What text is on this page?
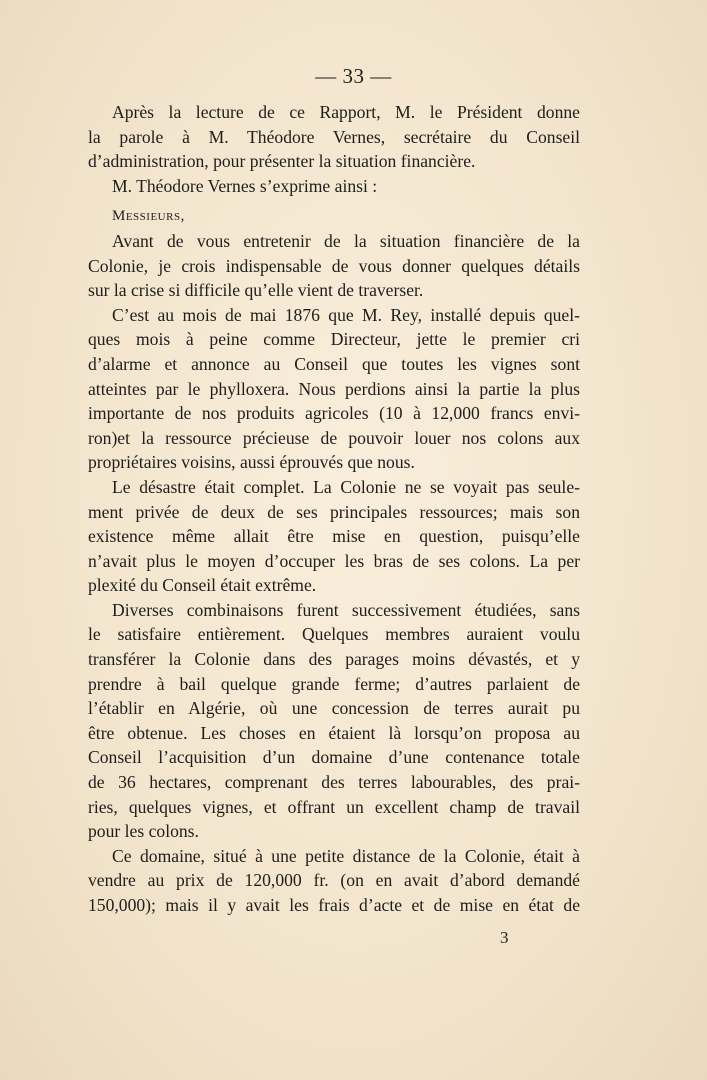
— 33 —
Après la lecture de ce Rapport, M. le Président donne
la parole à M. Théodore Vernes, secrétaire du Conseil
d’administration, pour présenter la situation financière.
M. Théodore Vernes s’exprime ainsi :
Messieurs,
Avant de vous entretenir de la situation financière de la
Colonie, je crois indispensable de vous donner quelques détails
sur la crise si difficile qu’elle vient de traverser.
C’est au mois de mai 1876 que M. Rey, installé depuis quel-
ques mois à peine comme Directeur, jette le premier cri
d’alarme et annonce au Conseil que toutes les vignes sont
atteintes par le phylloxera. Nous perdions ainsi la partie la plus
importante de nos produits agricoles (10 à 12,000 francs envi-
ron)et la ressource précieuse de pouvoir louer nos colons aux
propriétaires voisins, aussi éprouvés que nous.
Le désastre était complet. La Colonie ne se voyait pas seule-
ment privée de deux de ses principales ressources; mais son
existence même allait être mise en question, puisqu’elle
n’avait plus le moyen d’occuper les bras de ses colons. La per
plexité du Conseil était extrême.
Diverses combinaisons furent successivement étudiées, sans
le satisfaire entièrement. Quelques membres auraient voulu
transférer la Colonie dans des parages moins dévastés, et y
prendre à bail quelque grande ferme; d’autres parlaient de
l’établir en Algérie, où une concession de terres aurait pu
être obtenue. Les choses en étaient là lorsqu’on proposa au
Conseil l’acquisition d’un domaine d’une contenance totale
de 36 hectares, comprenant des terres labourables, des prai-
ries, quelques vignes, et offrant un excellent champ de travail
pour les colons.
Ce domaine, situé à une petite distance de la Colonie, était à
vendre au prix de 120,000 fr. (on en avait d’abord demandé
150,000); mais il y avait les frais d’acte et de mise en état de
3
